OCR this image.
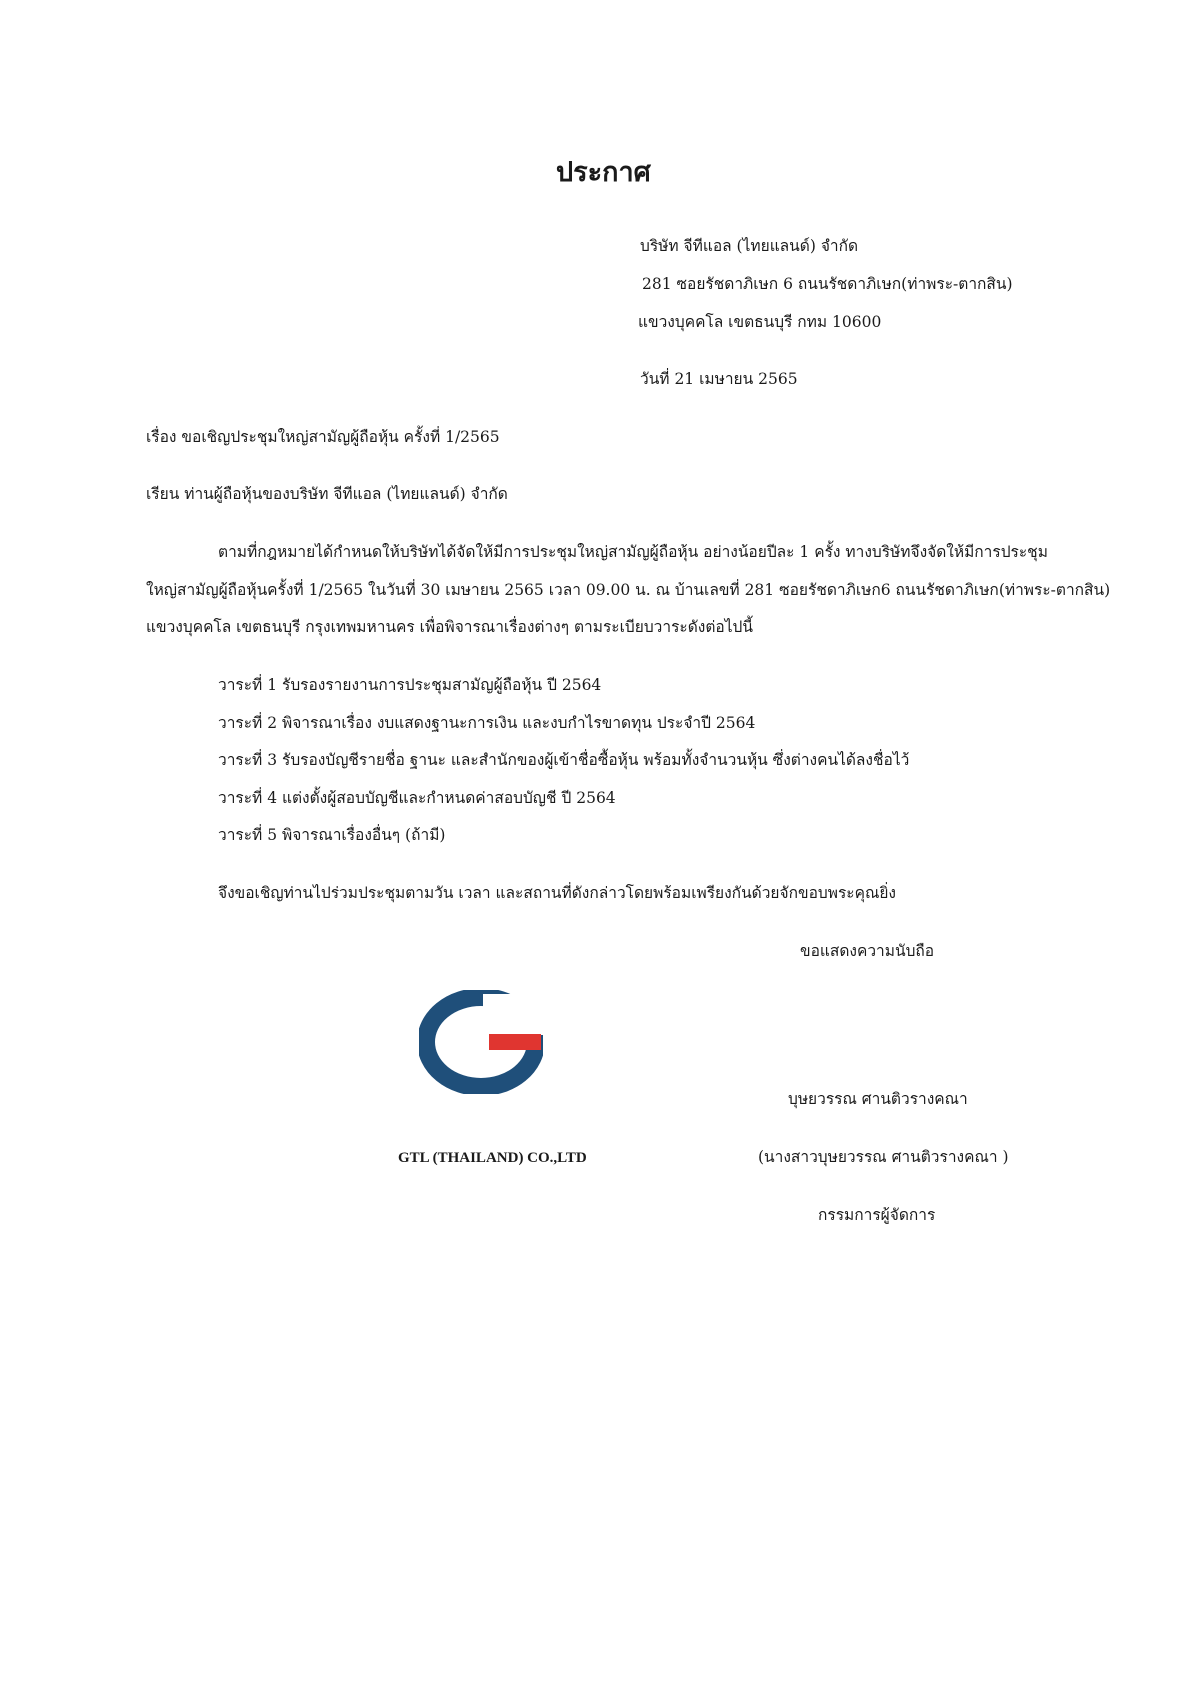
ประกาศ
บริษัท จีทีแอล (ไทยแลนด์) จำกัด
281 ซอยรัชดาภิเษก 6 ถนนรัชดาภิเษก(ท่าพระ-ตากสิน)
แขวงบุคคโล เขตธนบุรี กทม 10600
วันที่ 21 เมษายน 2565
เรื่อง ขอเชิญประชุมใหญ่สามัญผู้ถือหุ้น ครั้งที่ 1/2565
เรียน ท่านผู้ถือหุ้นของบริษัท จีทีแอล (ไทยแลนด์) จำกัด
ตามที่กฎหมายได้กำหนดให้บริษัทได้จัดให้มีการประชุมใหญ่สามัญผู้ถือหุ้น อย่างน้อยปีละ 1 ครั้ง ทางบริษัทจึงจัดให้มีการประชุม
ใหญ่สามัญผู้ถือหุ้นครั้งที่ 1/2565 ในวันที่ 30 เมษายน 2565 เวลา 09.00 น. ณ บ้านเลขที่ 281 ซอยรัชดาภิเษก6 ถนนรัชดาภิเษก(ท่าพระ-ตากสิน)
แขวงบุคคโล เขตธนบุรี กรุงเทพมหานคร เพื่อพิจารณาเรื่องต่างๆ ตามระเบียบวาระดังต่อไปนี้
วาระที่ 1 รับรองรายงานการประชุมสามัญผู้ถือหุ้น ปี 2564
วาระที่ 2 พิจารณาเรื่อง งบแสดงฐานะการเงิน และงบกำไรขาดทุน ประจำปี 2564
วาระที่ 3 รับรองบัญชีรายชื่อ ฐานะ และสำนักของผู้เข้าชื่อซื้อหุ้น พร้อมทั้งจำนวนหุ้น ซึ่งต่างคนได้ลงชื่อไว้
วาระที่ 4 แต่งตั้งผู้สอบบัญชีและกำหนดค่าสอบบัญชี ปี 2564
วาระที่ 5 พิจารณาเรื่องอื่นๆ (ถ้ามี)
จึงขอเชิญท่านไปร่วมประชุมตามวัน เวลา และสถานที่ดังกล่าวโดยพร้อมเพรียงกันด้วยจักขอบพระคุณยิ่ง
ขอแสดงความนับถือ
บุษยวรรณ ศานติวรางคณา
GTL (THAILAND) CO.,LTD	(นางสาวบุษยวรรณ ศานติวรางคณา )
กรรมการผู้จัดการ
